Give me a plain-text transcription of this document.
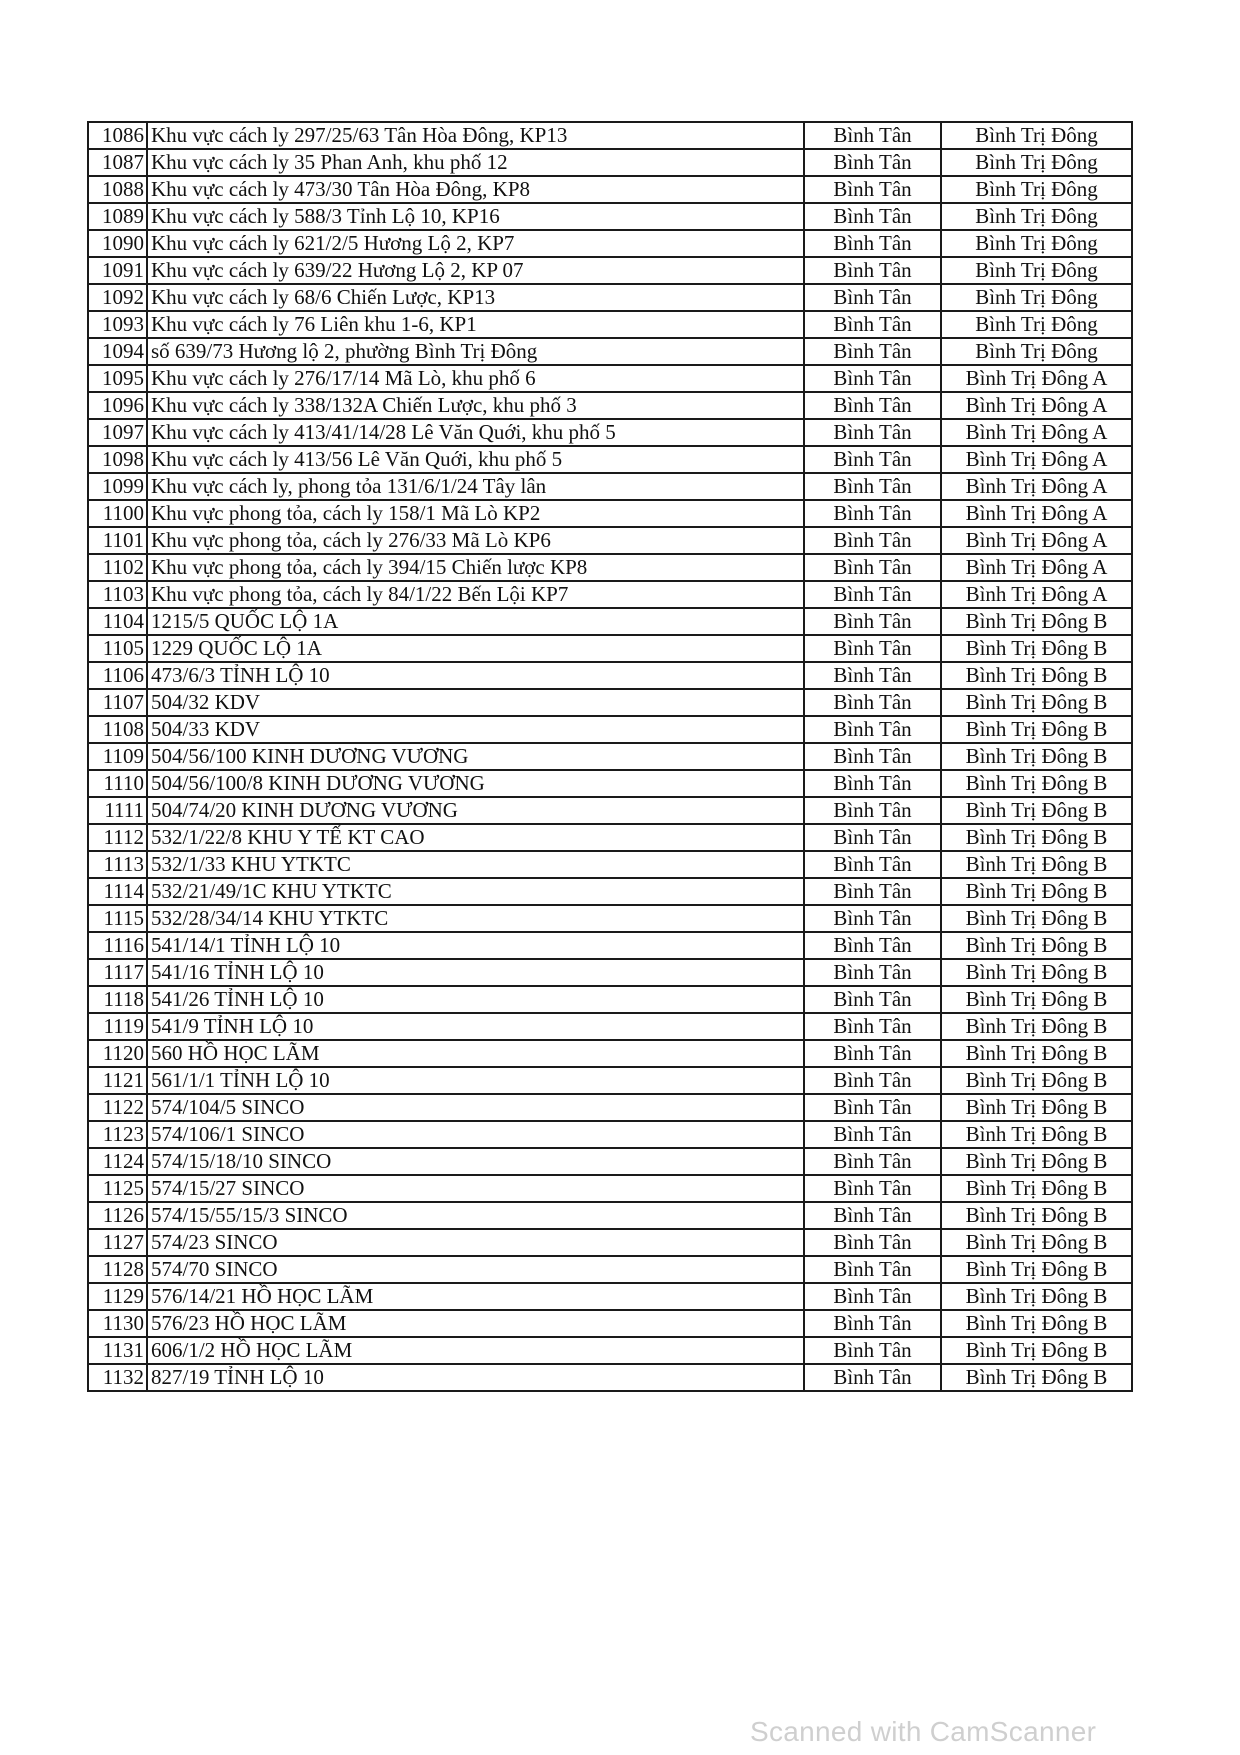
1086	Khu vực cách ly 297/25/63 Tân Hòa Đông, KP13	Bình Tân	Bình Trị Đông
1087	Khu vực cách ly 35 Phan Anh, khu phố 12	Bình Tân	Bình Trị Đông
1088	Khu vực cách ly 473/30 Tân Hòa Đông, KP8	Bình Tân	Bình Trị Đông
1089	Khu vực cách ly 588/3 Tỉnh Lộ 10, KP16	Bình Tân	Bình Trị Đông
1090	Khu vực cách ly 621/2/5 Hương Lộ 2, KP7	Bình Tân	Bình Trị Đông
1091	Khu vực cách ly 639/22 Hương Lộ 2, KP 07	Bình Tân	Bình Trị Đông
1092	Khu vực cách ly 68/6 Chiến Lược, KP13	Bình Tân	Bình Trị Đông
1093	Khu vực cách ly 76 Liên khu 1-6, KP1	Bình Tân	Bình Trị Đông
1094	số 639/73 Hương lộ 2, phường Bình Trị Đông	Bình Tân	Bình Trị Đông
1095	Khu vực cách ly 276/17/14 Mã Lò, khu phố 6	Bình Tân	Bình Trị Đông A
1096	Khu vực cách ly 338/132A Chiến Lược, khu phố 3	Bình Tân	Bình Trị Đông A
1097	Khu vực cách ly 413/41/14/28 Lê Văn Quới, khu phố 5	Bình Tân	Bình Trị Đông A
1098	Khu vực cách ly 413/56 Lê Văn Quới, khu phố 5	Bình Tân	Bình Trị Đông A
1099	Khu vực cách ly, phong tỏa 131/6/1/24 Tây lân	Bình Tân	Bình Trị Đông A
1100	Khu vực phong tỏa, cách ly 158/1 Mã Lò KP2	Bình Tân	Bình Trị Đông A
1101	Khu vực phong tỏa, cách ly 276/33 Mã Lò KP6	Bình Tân	Bình Trị Đông A
1102	Khu vực phong tỏa, cách ly 394/15 Chiến lược KP8	Bình Tân	Bình Trị Đông A
1103	Khu vực phong tỏa, cách ly 84/1/22 Bến Lội KP7	Bình Tân	Bình Trị Đông A
1104	1215/5 QUỐC LỘ 1A	Bình Tân	Bình Trị Đông B
1105	1229 QUỐC LỘ 1A	Bình Tân	Bình Trị Đông B
1106	473/6/3 TỈNH LỘ 10	Bình Tân	Bình Trị Đông B
1107	504/32 KDV	Bình Tân	Bình Trị Đông B
1108	504/33 KDV	Bình Tân	Bình Trị Đông B
1109	504/56/100 KINH DƯƠNG VƯƠNG	Bình Tân	Bình Trị Đông B
1110	504/56/100/8 KINH DƯƠNG VƯƠNG	Bình Tân	Bình Trị Đông B
1111	504/74/20 KINH DƯƠNG VƯƠNG	Bình Tân	Bình Trị Đông B
1112	532/1/22/8 KHU Y TẾ KT CAO	Bình Tân	Bình Trị Đông B
1113	532/1/33 KHU YTKTC	Bình Tân	Bình Trị Đông B
1114	532/21/49/1C KHU YTKTC	Bình Tân	Bình Trị Đông B
1115	532/28/34/14 KHU YTKTC	Bình Tân	Bình Trị Đông B
1116	541/14/1 TỈNH LỘ 10	Bình Tân	Bình Trị Đông B
1117	541/16 TỈNH LỘ 10	Bình Tân	Bình Trị Đông B
1118	541/26 TỈNH LỘ 10	Bình Tân	Bình Trị Đông B
1119	541/9 TỈNH LỘ 10	Bình Tân	Bình Trị Đông B
1120	560 HỒ HỌC LÃM	Bình Tân	Bình Trị Đông B
1121	561/1/1 TỈNH LỘ 10	Bình Tân	Bình Trị Đông B
1122	574/104/5 SINCO	Bình Tân	Bình Trị Đông B
1123	574/106/1 SINCO	Bình Tân	Bình Trị Đông B
1124	574/15/18/10 SINCO	Bình Tân	Bình Trị Đông B
1125	574/15/27 SINCO	Bình Tân	Bình Trị Đông B
1126	574/15/55/15/3 SINCO	Bình Tân	Bình Trị Đông B
1127	574/23 SINCO	Bình Tân	Bình Trị Đông B
1128	574/70 SINCO	Bình Tân	Bình Trị Đông B
1129	576/14/21 HỒ HỌC LÃM	Bình Tân	Bình Trị Đông B
1130	576/23 HỒ HỌC LÃM	Bình Tân	Bình Trị Đông B
1131	606/1/2 HỒ HỌC LÃM	Bình Tân	Bình Trị Đông B
1132	827/19 TỈNH LỘ 10	Bình Tân	Bình Trị Đông B
Scanned with CamScanner
